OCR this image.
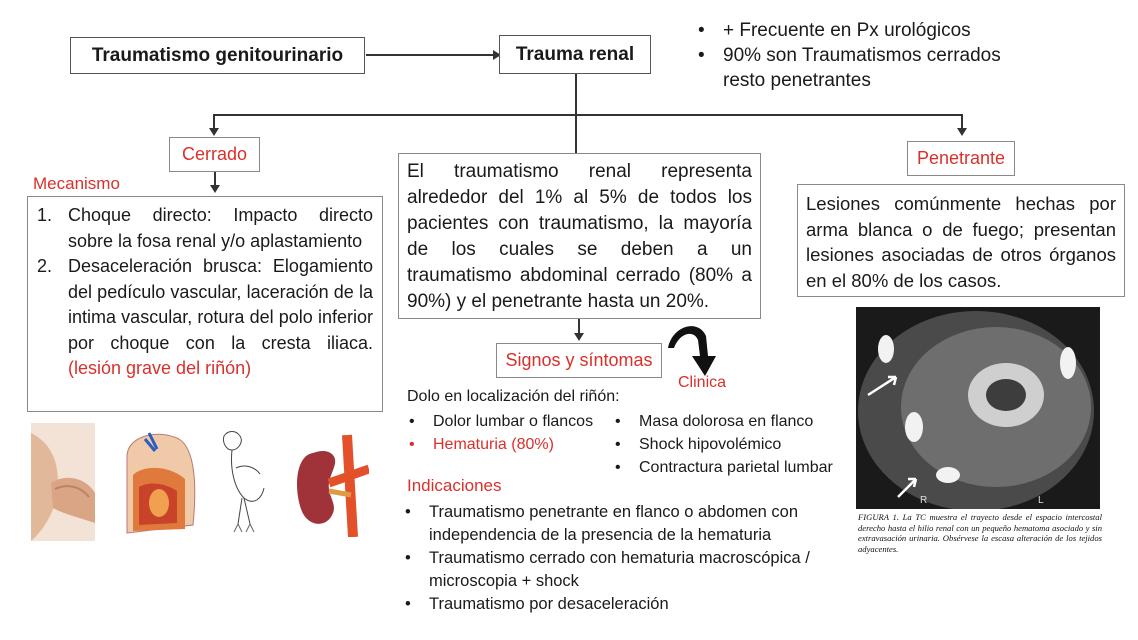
Traumatismo genitourinario	Trauma renal
Cerrado	Penetrante
Signos y síntomas
• + Frecuente en Px urológicos
• 90% son Traumatismos cerrados resto penetrantes
El traumatismo renal representa alrededor del 1% al 5% de todos los pacientes con traumatismo, la mayoría de los cuales se deben a un traumatismo abdominal cerrado (80% a 90%) y el penetrante hasta un 20%.
Mecanismo
1. Choque directo: Impacto directo sobre la fosa renal y/o aplastamiento
2. Desaceleración brusca: Elogamiento del pedículo vascular, laceración de la intima vascular, rotura del polo inferior por choque con la cresta iliaca. (lesión grave del riñón)
Lesiones comúnmente hechas por arma blanca o de fuego; presentan lesiones asociadas de otros órganos en el 80% de los casos.
Clinica
Dolo en localización del riñón:
• Dolor lumbar o flancos
• Hematuria (80%)
• Masa dolorosa en flanco
• Shock hipovolémico
• Contractura parietal lumbar
Indicaciones
• Traumatismo penetrante en flanco o abdomen con independencia de la presencia de la hematuria
• Traumatismo cerrado con hematuria macroscópica / microscopia + shock
• Traumatismo por desaceleración
R	L
FIGURA 1. La TC muestra el trayecto desde el espacio intercostal derecho hasta el hilio renal con un pequeño hematoma asociado y sin extravasación urinaria. Obsérvese la escasa alteración de los tejidos adyacentes.
